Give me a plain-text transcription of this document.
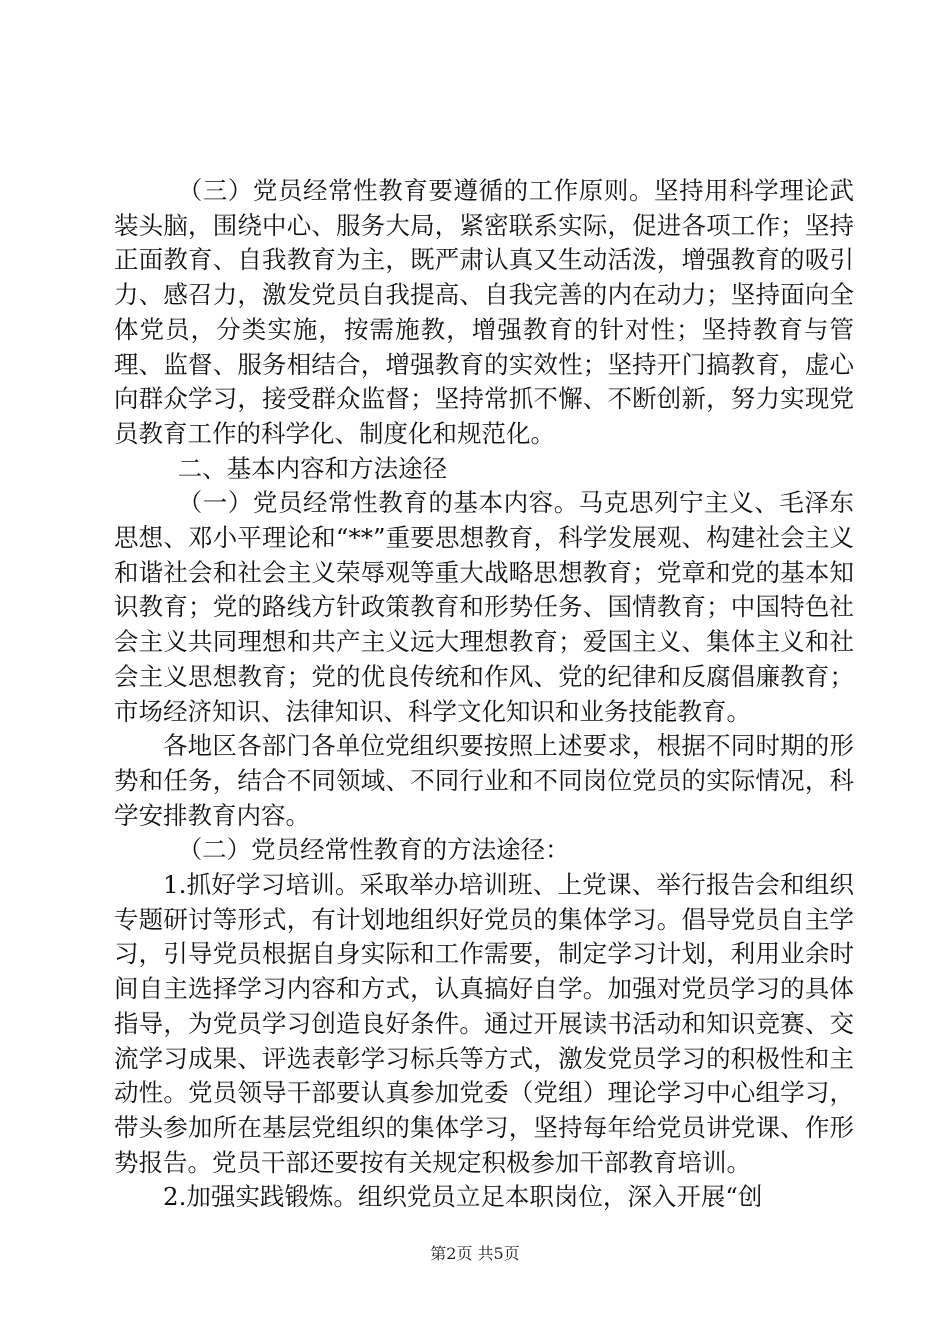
（三）党员经常性教育要遵循的工作原则。坚持用科学理论武装头脑，围绕中心、服务大局，紧密联系实际，促进各项工作；坚持正面教育、自我教育为主，既严肃认真又生动活泼，增强教育的吸引力、感召力，激发党员自我提高、自我完善的内在动力；坚持面向全体党员，分类实施，按需施教，增强教育的针对性；坚持教育与管理、监督、服务相结合，增强教育的实效性；坚持开门搞教育，虚心向群众学习，接受群众监督；坚持常抓不懈、不断创新，努力实现党员教育工作的科学化、制度化和规范化。

二、基本内容和方法途径

（一）党员经常性教育的基本内容。马克思列宁主义、毛泽东思想、邓小平理论和“**”重要思想教育，科学发展观、构建社会主义和谐社会和社会主义荣辱观等重大战略思想教育；党章和党的基本知识教育；党的路线方针政策教育和形势任务、国情教育；中国特色社会主义共同理想和共产主义远大理想教育；爱国主义、集体主义和社会主义思想教育；党的优良传统和作风、党的纪律和反腐倡廉教育；市场经济知识、法律知识、科学文化知识和业务技能教育。

各地区各部门各单位党组织要按照上述要求，根据不同时期的形势和任务，结合不同领域、不同行业和不同岗位党员的实际情况，科学安排教育内容。

（二）党员经常性教育的方法途径：

1.抓好学习培训。采取举办培训班、上党课、举行报告会和组织专题研讨等形式，有计划地组织好党员的集体学习。倡导党员自主学习，引导党员根据自身实际和工作需要，制定学习计划，利用业余时间自主选择学习内容和方式，认真搞好自学。加强对党员学习的具体指导，为党员学习创造良好条件。通过开展读书活动和知识竞赛、交流学习成果、评选表彰学习标兵等方式，激发党员学习的积极性和主动性。党员领导干部要认真参加党委（党组）理论学习中心组学习，带头参加所在基层党组织的集体学习，坚持每年给党员讲党课、作形势报告。党员干部还要按有关规定积极参加干部教育培训。

2.加强实践锻炼。组织党员立足本职岗位，深入开展“创

第2页 共5页
